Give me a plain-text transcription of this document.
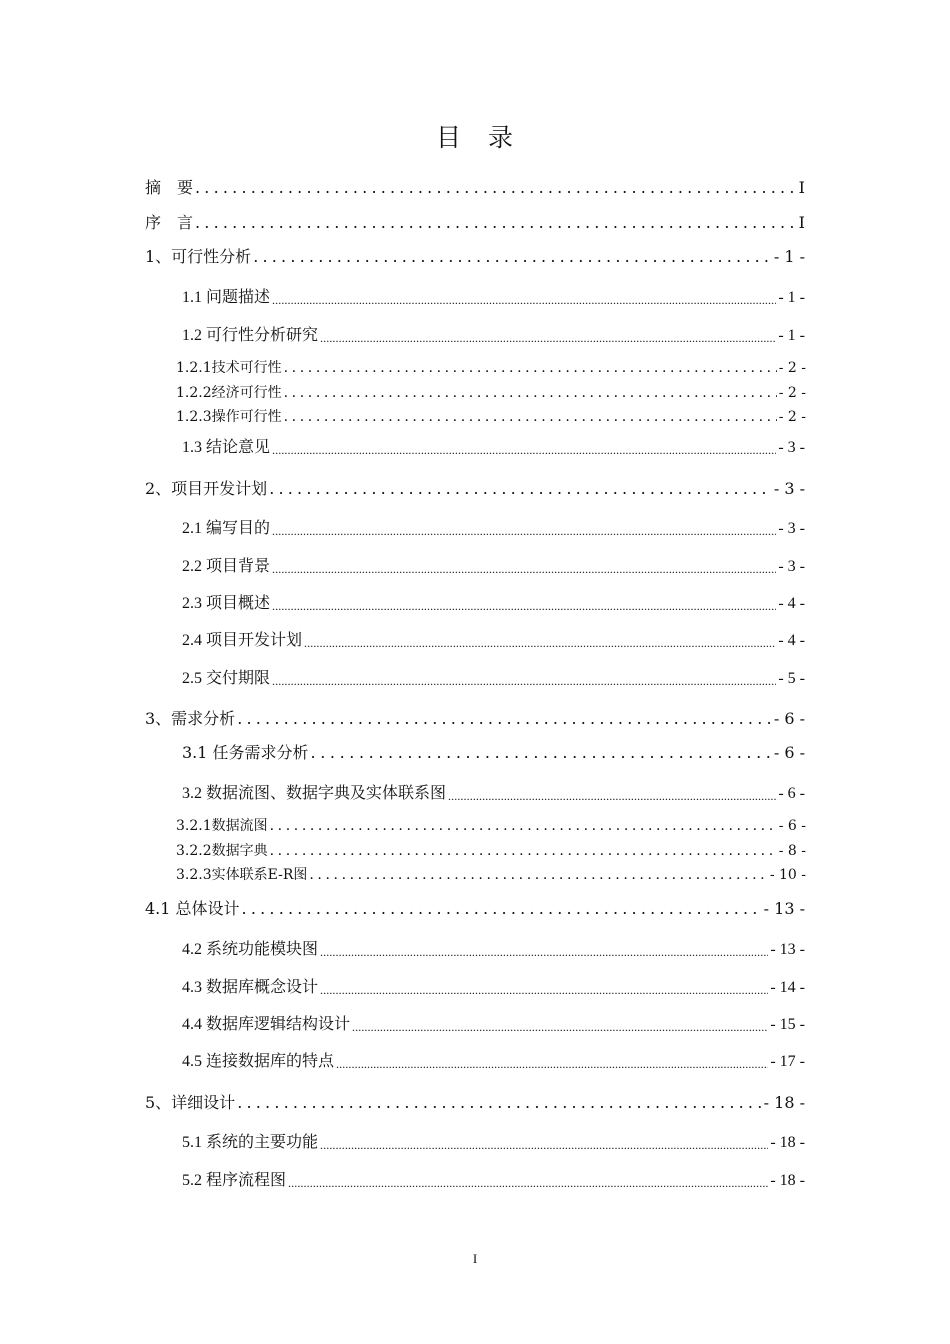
目　录
摘　要 .....	I
序　言 .....	I
1、可行性分析 .....	- 1 -
1.1 问题描述 .....	- 1 -
1.2 可行性分析研究 .....	- 1 -
1.2.1技术可行性 .....	- 2 -
1.2.2经济可行性 .....	- 2 -
1.2.3操作可行性 .....	- 2 -
1.3 结论意见 .....	- 3 -
2、项目开发计划 .....	- 3 -
2.1 编写目的 .....	- 3 -
2.2 项目背景 .....	- 3 -
2.3 项目概述 .....	- 4 -
2.4 项目开发计划 .....	- 4 -
2.5 交付期限 .....	- 5 -
3、需求分析 .....	- 6 -
3.1 任务需求分析 .....	- 6 -
3.2 数据流图、数据字典及实体联系图 .....	- 6 -
3.2.1数据流图 .....	- 6 -
3.2.2数据字典 .....	- 8 -
3.2.3实体联系E-R图 .....	- 10 -
4.1 总体设计 .....	- 13 -
4.2 系统功能模块图 .....	- 13 -
4.3 数据库概念设计 .....	- 14 -
4.4 数据库逻辑结构设计 .....	- 15 -
4.5 连接数据库的特点 .....	- 17 -
5、详细设计 .....	- 18 -
5.1 系统的主要功能 .....	- 18 -
5.2 程序流程图 .....	- 18 -
I
